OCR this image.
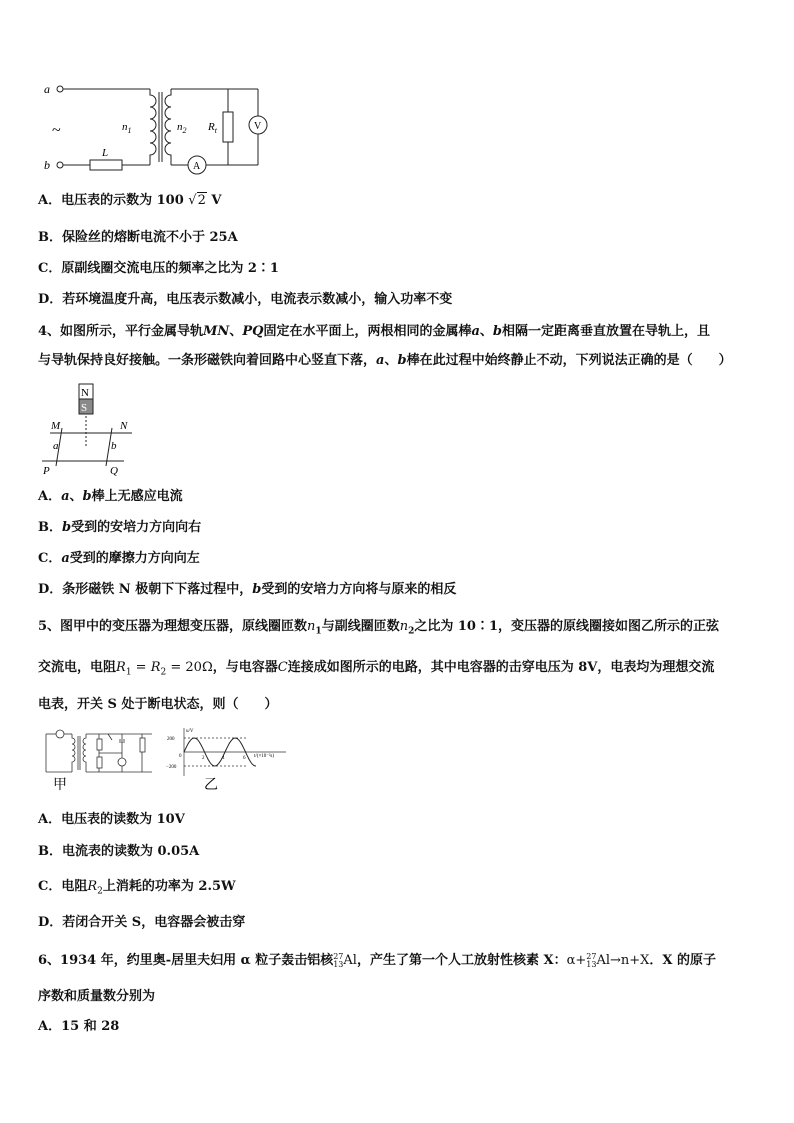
a
b
~	$n_1$	$n_2$ $R_t$
L
V
A
A．电压表的示数为 100 √2 V
B．保险丝的熔断电流不小于 25A
C．原副线圈交流电压的频率之比为 2∶1
D．若环境温度升高，电压表示数减小，电流表示数减小，输入功率不变
4、如图所示，平行金属导轨MN、PQ固定在水平面上，两根相同的金属棒a、b相隔一定距离垂直放置在导轨上，且
与导轨保持良好接触。一条形磁铁向着回路中心竖直下落，a、b棒在此过程中始终静止不动，下列说法正确的是（　　）
N
S
M	N
a	b
P	Q
A．a、b棒上无感应电流
B．b受到的安培力方向向右
C．a受到的摩擦力方向向左
D．条形磁铁 N 极朝下下落过程中，b受到的安培力方向将与原来的相反
5、图甲中的变压器为理想变压器，原线圈匝数$n_1$与副线圈匝数$n_2$之比为 10∶1，变压器的原线圈接如图乙所示的正弦
交流电，电阻$R_1 = R_2 = 20\Omega$，与电容器C连接成如图所示的电路，其中电容器的击穿电压为 8V，电表均为理想交流
电表，开关 S 处于断电状态，则（　　）
甲
u/V
200
−200
0	2	4	6 t/(×10⁻²s)
乙
A．电压表的读数为 10V
B．电流表的读数为 0.05A
C．电阻$R_2$上消耗的功率为 2.5W
D．若闭合开关 S，电容器会被击穿
6、1934 年，约里奥-居里夫妇用 α 粒子轰击铝核 27
13 Al，产生了第一个人工放射性核素 X：α+ 27
13 Al→n+X．X 的原子
序数和质量数分别为
A．15 和 28
